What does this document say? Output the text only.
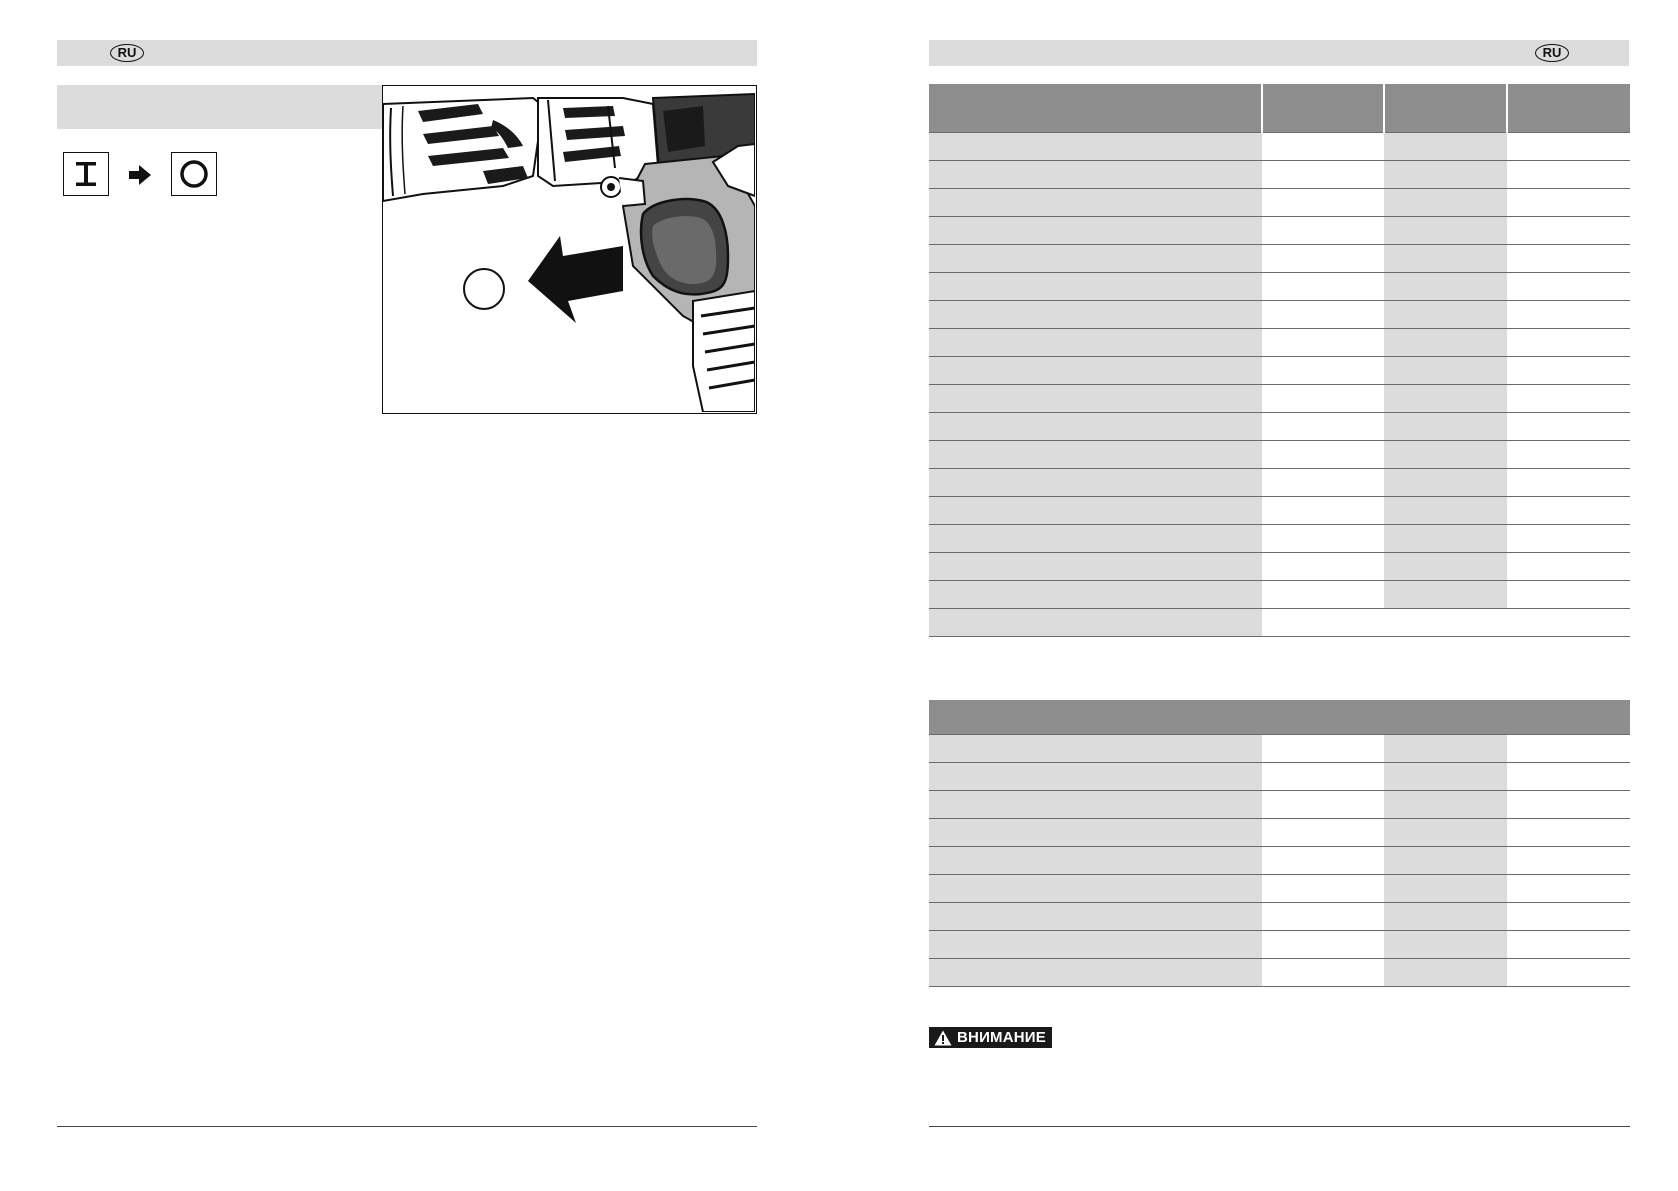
RU	RU

ВНИМАНИЕ
